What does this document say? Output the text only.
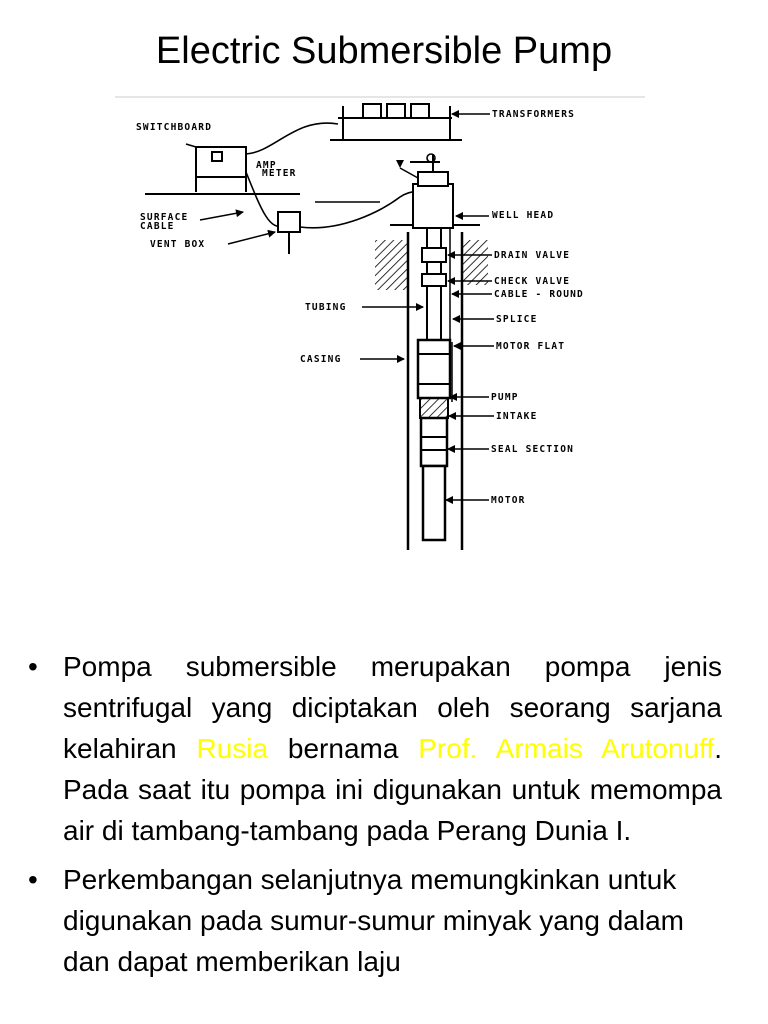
Electric Submersible Pump
TRANSFORMERS
SWITCHBOARD
AMP
METER
WELL HEAD
SURFACE
CABLE
VENT BOX
DRAIN VALVE
CHECK VALVE
CABLE - ROUND
TUBING
SPLICE
CASING
MOTOR FLAT
PUMP
INTAKE
SEAL SECTION
MOTOR

• Pompa submersible merupakan pompa jenis sentrifugal yang diciptakan oleh seorang sarjana kelahiran Rusia bernama Prof. Armais Arutonuff. Pada saat itu pompa ini digunakan untuk memompa air di tambang-tambang pada Perang Dunia I.

• Perkembangan selanjutnya memungkinkan untuk digunakan pada sumur-sumur minyak yang dalam dan dapat memberikan laju
